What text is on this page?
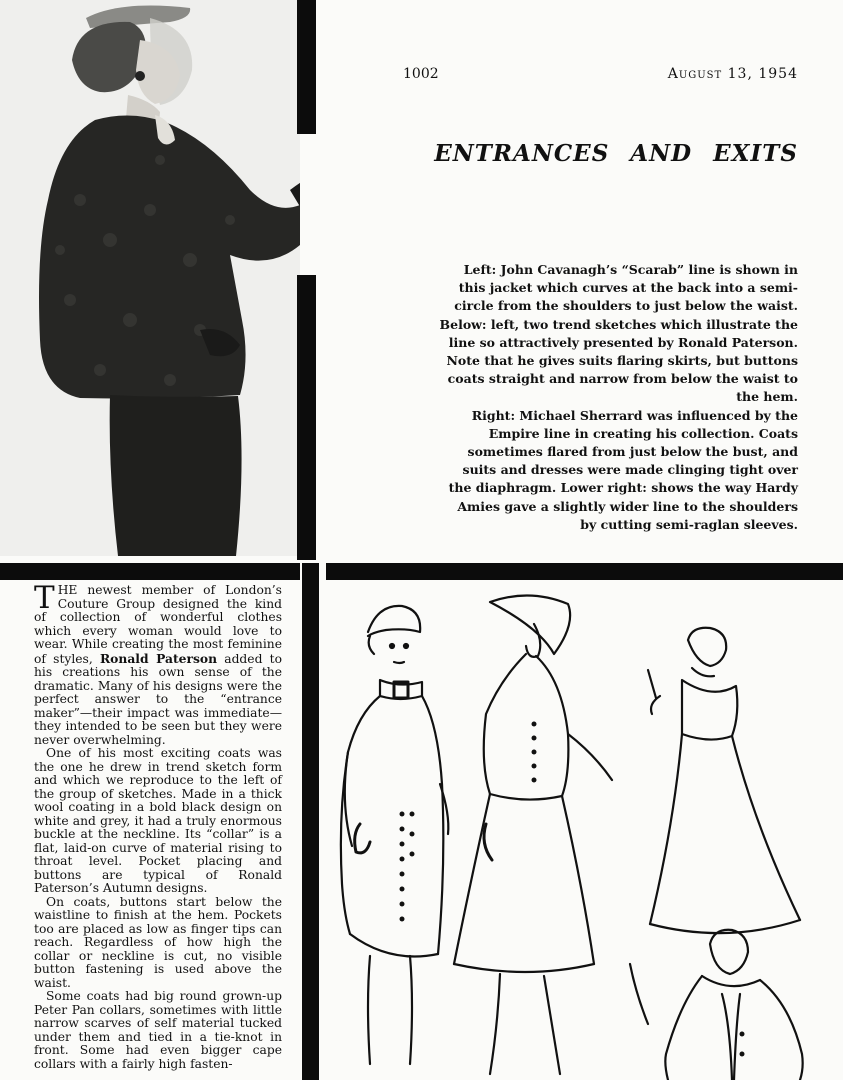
1002	August 13, 1954
ENTRANCES AND EXITS

Left: John Cavanagh’s “Scarab” line is shown in this jacket which curves at the back into a semi-circle from the shoulders to just below the waist.

Below: left, two trend sketches which illustrate the line so attractively presented by Ronald Paterson. Note that he gives suits flaring skirts, but buttons coats straight and narrow from below the waist to the hem.

Right: Michael Sherrard was influenced by the Empire line in creating his collection. Coats sometimes flared from just below the bust, and suits and dresses were made clinging tight over the diaphragm. Lower right: shows the way Hardy Amies gave a slightly wider line to the shoulders by cutting semi-raglan sleeves.

THE newest member of London’s Couture Group designed the kind of collection of wonderful clothes which every woman would love to wear. While creating the most feminine of styles, Ronald Paterson added to his creations his own sense of the dramatic. Many of his designs were the perfect answer to the “entrance maker”—their impact was immediate—they intended to be seen but they were never overwhelming.

One of his most exciting coats was the one he drew in trend sketch form and which we reproduce to the left of the group of sketches. Made in a thick wool coating in a bold black design on white and grey, it had a truly enormous buckle at the neckline. Its “collar” is a flat, laid-on curve of material rising to throat level. Pocket placing and buttons are typical of Ronald Paterson’s Autumn designs.

On coats, buttons start below the waistline to finish at the hem. Pockets too are placed as low as finger tips can reach. Regardless of how high the collar or neckline is cut, no visible button fastening is used above the waist.

Some coats had big round grown-up Peter Pan collars, sometimes with little narrow scarves of self material tucked under them and tied in a tie-knot in front. Some had even bigger cape collars with a fairly high fasten-
